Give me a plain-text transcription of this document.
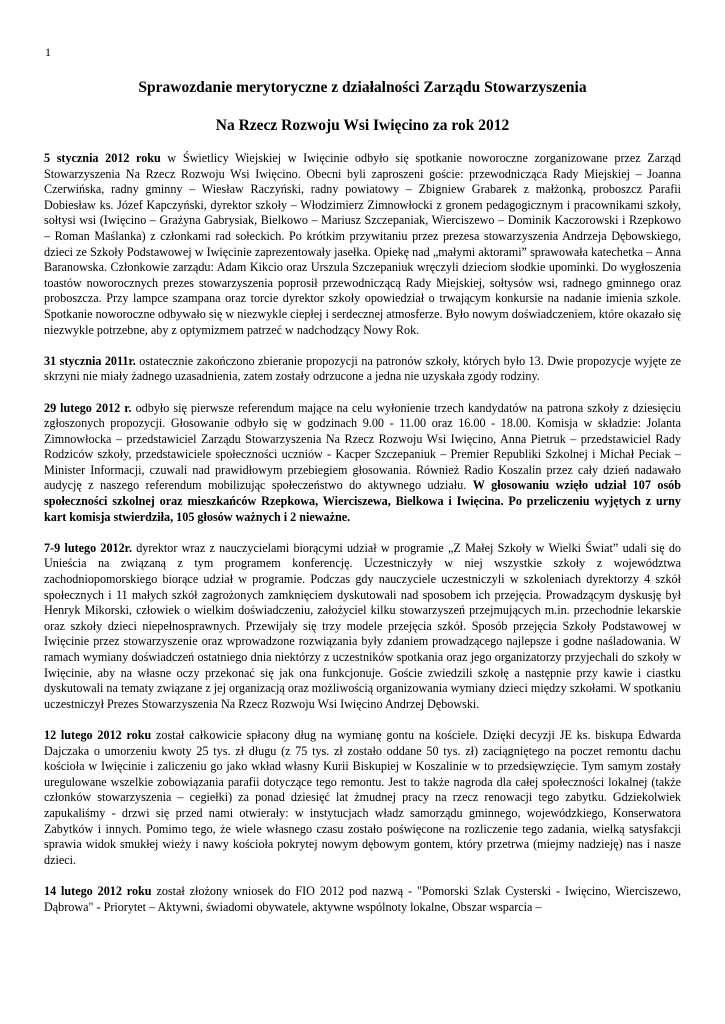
1
Sprawozdanie merytoryczne z działalności Zarządu Stowarzyszenia
Na Rzecz Rozwoju Wsi Iwięcino za rok 2012

5 stycznia 2012 roku w Świetlicy Wiejskiej w Iwięcinie odbyło się spotkanie noworoczne zorganizowane przez Zarząd Stowarzyszenia Na Rzecz Rozwoju Wsi Iwięcino. Obecni byli zaproszeni goście: przewodnicząca Rady Miejskiej – Joanna Czerwińska, radny gminny – Wiesław Raczyński, radny powiatowy – Zbigniew Grabarek z małżonką, proboszcz Parafii Dobiesław ks. Józef Kapczyński, dyrektor szkoły – Włodzimierz Zimnowłocki z gronem pedagogicznym i pracownikami szkoły, sołtysi wsi (Iwięcino – Grażyna Gabrysiak, Bielkowo – Mariusz Szczepaniak, Wierciszewo – Dominik Kaczorowski i Rzepkowo – Roman Maślanka) z członkami rad sołeckich. Po krótkim przywitaniu przez prezesa stowarzyszenia Andrzeja Dębowskiego, dzieci ze Szkoły Podstawowej w Iwięcinie zaprezentowały jasełka. Opiekę nad „małymi aktorami” sprawowała katechetka – Anna Baranowska. Członkowie zarządu: Adam Kikcio oraz Urszula Szczepaniuk wręczyli dzieciom słodkie upominki. Do wygłoszenia toastów noworocznych prezes stowarzyszenia poprosił przewodniczącą Rady Miejskiej, sołtysów wsi, radnego gminnego oraz proboszcza. Przy lampce szampana oraz torcie dyrektor szkoły opowiedział o trwającym konkursie na nadanie imienia szkole. Spotkanie noworoczne odbywało się w niezwykle ciepłej i serdecznej atmosferze. Było nowym doświadczeniem, które okazało się niezwykle potrzebne, aby z optymizmem patrzeć w nadchodzący Nowy Rok.

31 stycznia 2011r. ostatecznie zakończono zbieranie propozycji na patronów szkoły, których było 13. Dwie propozycje wyjęte ze skrzyni nie miały żadnego uzasadnienia, zatem zostały odrzucone a jedna nie uzyskała zgody rodziny.

29 lutego 2012 r. odbyło się pierwsze referendum mające na celu wyłonienie trzech kandydatów na patrona szkoły z dziesięciu zgłoszonych propozycji. Głosowanie odbyło się w godzinach 9.00 - 11.00 oraz 16.00 - 18.00. Komisja w składzie: Jolanta Zimnowłocka – przedstawiciel Zarządu Stowarzyszenia Na Rzecz Rozwoju Wsi Iwięcino, Anna Pietruk – przedstawiciel Rady Rodziców szkoły, przedstawiciele społeczności uczniów - Kacper Szczepaniuk – Premier Republiki Szkolnej i Michał Peciak – Minister Informacji, czuwali nad prawidłowym przebiegiem głosowania. Również Radio Koszalin przez cały dzień nadawało audycję z naszego referendum mobilizując społeczeństwo do aktywnego udziału. W głosowaniu wzięło udział 107 osób społeczności szkolnej oraz mieszkańców Rzepkowa, Wierciszewa, Bielkowa i Iwięcina. Po przeliczeniu wyjętych z urny kart komisja stwierdziła, 105 głosów ważnych i 2 nieważne.

7-9 lutego 2012r. dyrektor wraz z nauczycielami biorącymi udział w programie „Z Małej Szkoły w Wielki Świat” udali się do Unieścia na związaną z tym programem konferencję. Uczestniczyły w niej wszystkie szkoły z województwa zachodniopomorskiego biorące udział w programie. Podczas gdy nauczyciele uczestniczyli w szkoleniach dyrektorzy 4 szkół społecznych i 11 małych szkół zagrożonych zamknięciem dyskutowali nad sposobem ich przejęcia. Prowadzącym dyskusję był Henryk Mikorski, człowiek o wielkim doświadczeniu, założyciel kilku stowarzyszeń przejmujących m.in. przechodnie lekarskie oraz szkoły dzieci niepełnosprawnych. Przewijały się trzy modele przejęcia szkół. Sposób przejęcia Szkoły Podstawowej w Iwięcinie przez stowarzyszenie oraz wprowadzone rozwiązania były zdaniem prowadzącego najlepsze i godne naśladowania. W ramach wymiany doświadczeń ostatniego dnia niektórzy z uczestników spotkania oraz jego organizatorzy przyjechali do szkoły w Iwięcinie, aby na własne oczy przekonać się jak ona funkcjonuje. Goście zwiedzili szkołę a następnie przy kawie i ciastku dyskutowali na tematy związane z jej organizacją oraz możliwością organizowania wymiany dzieci między szkołami. W spotkaniu uczestniczył Prezes Stowarzyszenia Na Rzecz Rozwoju Wsi Iwięcino Andrzej Dębowski.

12 lutego 2012 roku został całkowicie spłacony dług na wymianę gontu na kościele. Dzięki decyzji JE ks. biskupa Edwarda Dajczaka o umorzeniu kwoty 25 tys. zł długu (z 75 tys. zł zostało oddane 50 tys. zł) zaciągniętego na poczet remontu dachu kościoła w Iwięcinie i zaliczeniu go jako wkład własny Kurii Biskupiej w Koszalinie w to przedsięwzięcie. Tym samym zostały uregulowane wszelkie zobowiązania parafii dotyczące tego remontu. Jest to także nagroda dla całej społeczności lokalnej (także członków stowarzyszenia – cegiełki) za ponad dziesięć lat żmudnej pracy na rzecz renowacji tego zabytku. Gdziekolwiek zapukaliśmy - drzwi się przed nami otwierały: w instytucjach władz samorządu gminnego, wojewódzkiego, Konserwatora Zabytków i innych. Pomimo tego, że wiele własnego czasu zostało poświęcone na rozliczenie tego zadania, wielką satysfakcji sprawia widok smukłej wieży i nawy kościoła pokrytej nowym dębowym gontem, który przetrwa (miejmy nadzieję) nas i nasze dzieci.

14 lutego 2012 roku został złożony wniosek do FIO 2012 pod nazwą - "Pomorski Szlak Cysterski - Iwięcino, Wierciszewo, Dąbrowa" - Priorytet – Aktywni, świadomi obywatele, aktywne wspólnoty lokalne, Obszar wsparcia –
